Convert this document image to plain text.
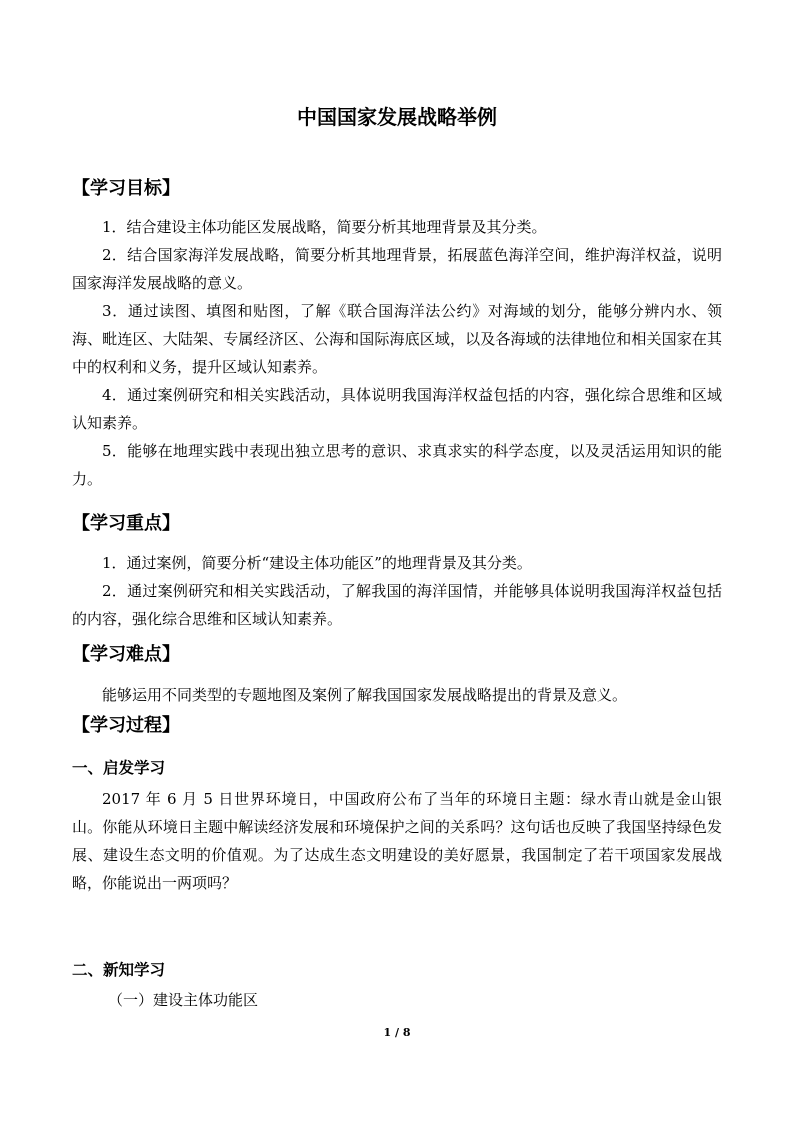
中国国家发展战略举例
【学习目标】

1．结合建设主体功能区发展战略，简要分析其地理背景及其分类。

2．结合国家海洋发展战略，简要分析其地理背景，拓展蓝色海洋空间，维护海洋权益，说明国家海洋发展战略的意义。

3．通过读图、填图和贴图，了解《联合国海洋法公约》对海域的划分，能够分辨内水、领海、毗连区、大陆架、专属经济区、公海和国际海底区域，以及各海域的法律地位和相关国家在其中的权利和义务，提升区域认知素养。

4．通过案例研究和相关实践活动，具体说明我国海洋权益包括的内容，强化综合思维和区域认知素养。

5．能够在地理实践中表现出独立思考的意识、求真求实的科学态度，以及灵活运用知识的能力。

【学习重点】

1．通过案例，简要分析“建设主体功能区”的地理背景及其分类。

2．通过案例研究和相关实践活动，了解我国的海洋国情，并能够具体说明我国海洋权益包括的内容，强化综合思维和区域认知素养。

【学习难点】

能够运用不同类型的专题地图及案例了解我国国家发展战略提出的背景及意义。

【学习过程】
一、启发学习

2017 年 6 月 5 日世界环境日，中国政府公布了当年的环境日主题：绿水青山就是金山银山。你能从环境日主题中解读经济发展和环境保护之间的关系吗？这句话也反映了我国坚持绿色发展、建设生态文明的价值观。为了达成生态文明建设的美好愿景，我国制定了若干项国家发展战略，你能说出一两项吗？

二、新知学习
（一）建设主体功能区
1 / 8
